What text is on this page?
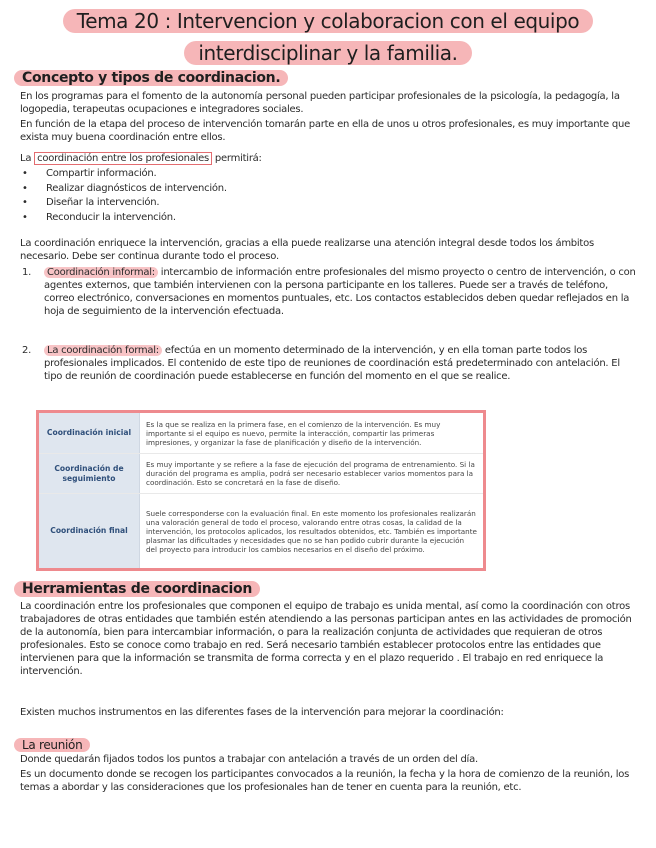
Tema 20 : Intervencion y colaboracion con el equipo
interdisciplinar y la familia.
Concepto y tipos de coordinacion.
En los programas para el fomento de la autonomía personal pueden participar profesionales de la psicología, la pedagogía, la logopedia, terapeutas ocupaciones e integradores sociales.
En función de la etapa del proceso de intervención tomarán parte en ella de unos u otros profesionales, es muy importante que exista muy buena coordinación entre ellos.
La coordinación entre los profesionales permitirá:
• Compartir información.
• Realizar diagnósticos de intervención.
• Diseñar la intervención.
• Reconducir la intervención.
La coordinación enriquece la intervención, gracias a ella puede realizarse una atención integral desde todos los ámbitos necesario. Debe ser continua durante todo el proceso.
1. Coordinación informal: intercambio de información entre profesionales del mismo proyecto o centro de intervención, o con agentes externos, que también intervienen con la persona participante en los talleres. Puede ser a través de teléfono, correo electrónico, conversaciones en momentos puntuales, etc. Los contactos establecidos deben quedar reflejados en la hoja de seguimiento de la intervención efectuada.
2. La coordinación formal: efectúa en un momento determinado de la intervención, y en ella toman parte todos los profesionales implicados. El contenido de este tipo de reuniones de coordinación está predeterminado con antelación. El tipo de reunión de coordinación puede establecerse en función del momento en el que se realice.
Coordinación inicial	Es la que se realiza en la primera fase, en el comienzo de la intervención. Es muy importante si el equipo es nuevo, permite la interacción, compartir las primeras impresiones, y organizar la fase de planificación y diseño de la intervención.
Coordinación de seguimiento	Es muy importante y se refiere a la fase de ejecución del programa de entrenamiento. Si la duración del programa es amplia, podrá ser necesario establecer varios momentos para la coordinación. Esto se concretará en la fase de diseño.
Coordinación final	Suele corresponderse con la evaluación final. En este momento los profesionales realizarán una valoración general de todo el proceso, valorando entre otras cosas, la calidad de la intervención, los protocolos aplicados, los resultados obtenidos, etc. También es importante plasmar las dificultades y necesidades que no se han podido cubrir durante la ejecución del proyecto para introducir los cambios necesarios en el diseño del próximo.
Herramientas de coordinacion
La coordinación entre los profesionales que componen el equipo de trabajo es unida mental, así como la coordinación con otros trabajadores de otras entidades que también estén atendiendo a las personas participan antes en las actividades de promoción de la autonomía, bien para intercambiar información, o para la realización conjunta de actividades que requieran de otros profesionales. Esto se conoce como trabajo en red. Será necesario también establecer protocolos entre las entidades que intervienen para que la información se transmita de forma correcta y en el plazo requerido . El trabajo en red enriquece la intervención.
Existen muchos instrumentos en las diferentes fases de la intervención para mejorar la coordinación:
La reunión
Donde quedarán fijados todos los puntos a trabajar con antelación a través de un orden del día.
Es un documento donde se recogen los participantes convocados a la reunión, la fecha y la hora de comienzo de la reunión, los temas a abordar y las consideraciones que los profesionales han de tener en cuenta para la reunión, etc.
